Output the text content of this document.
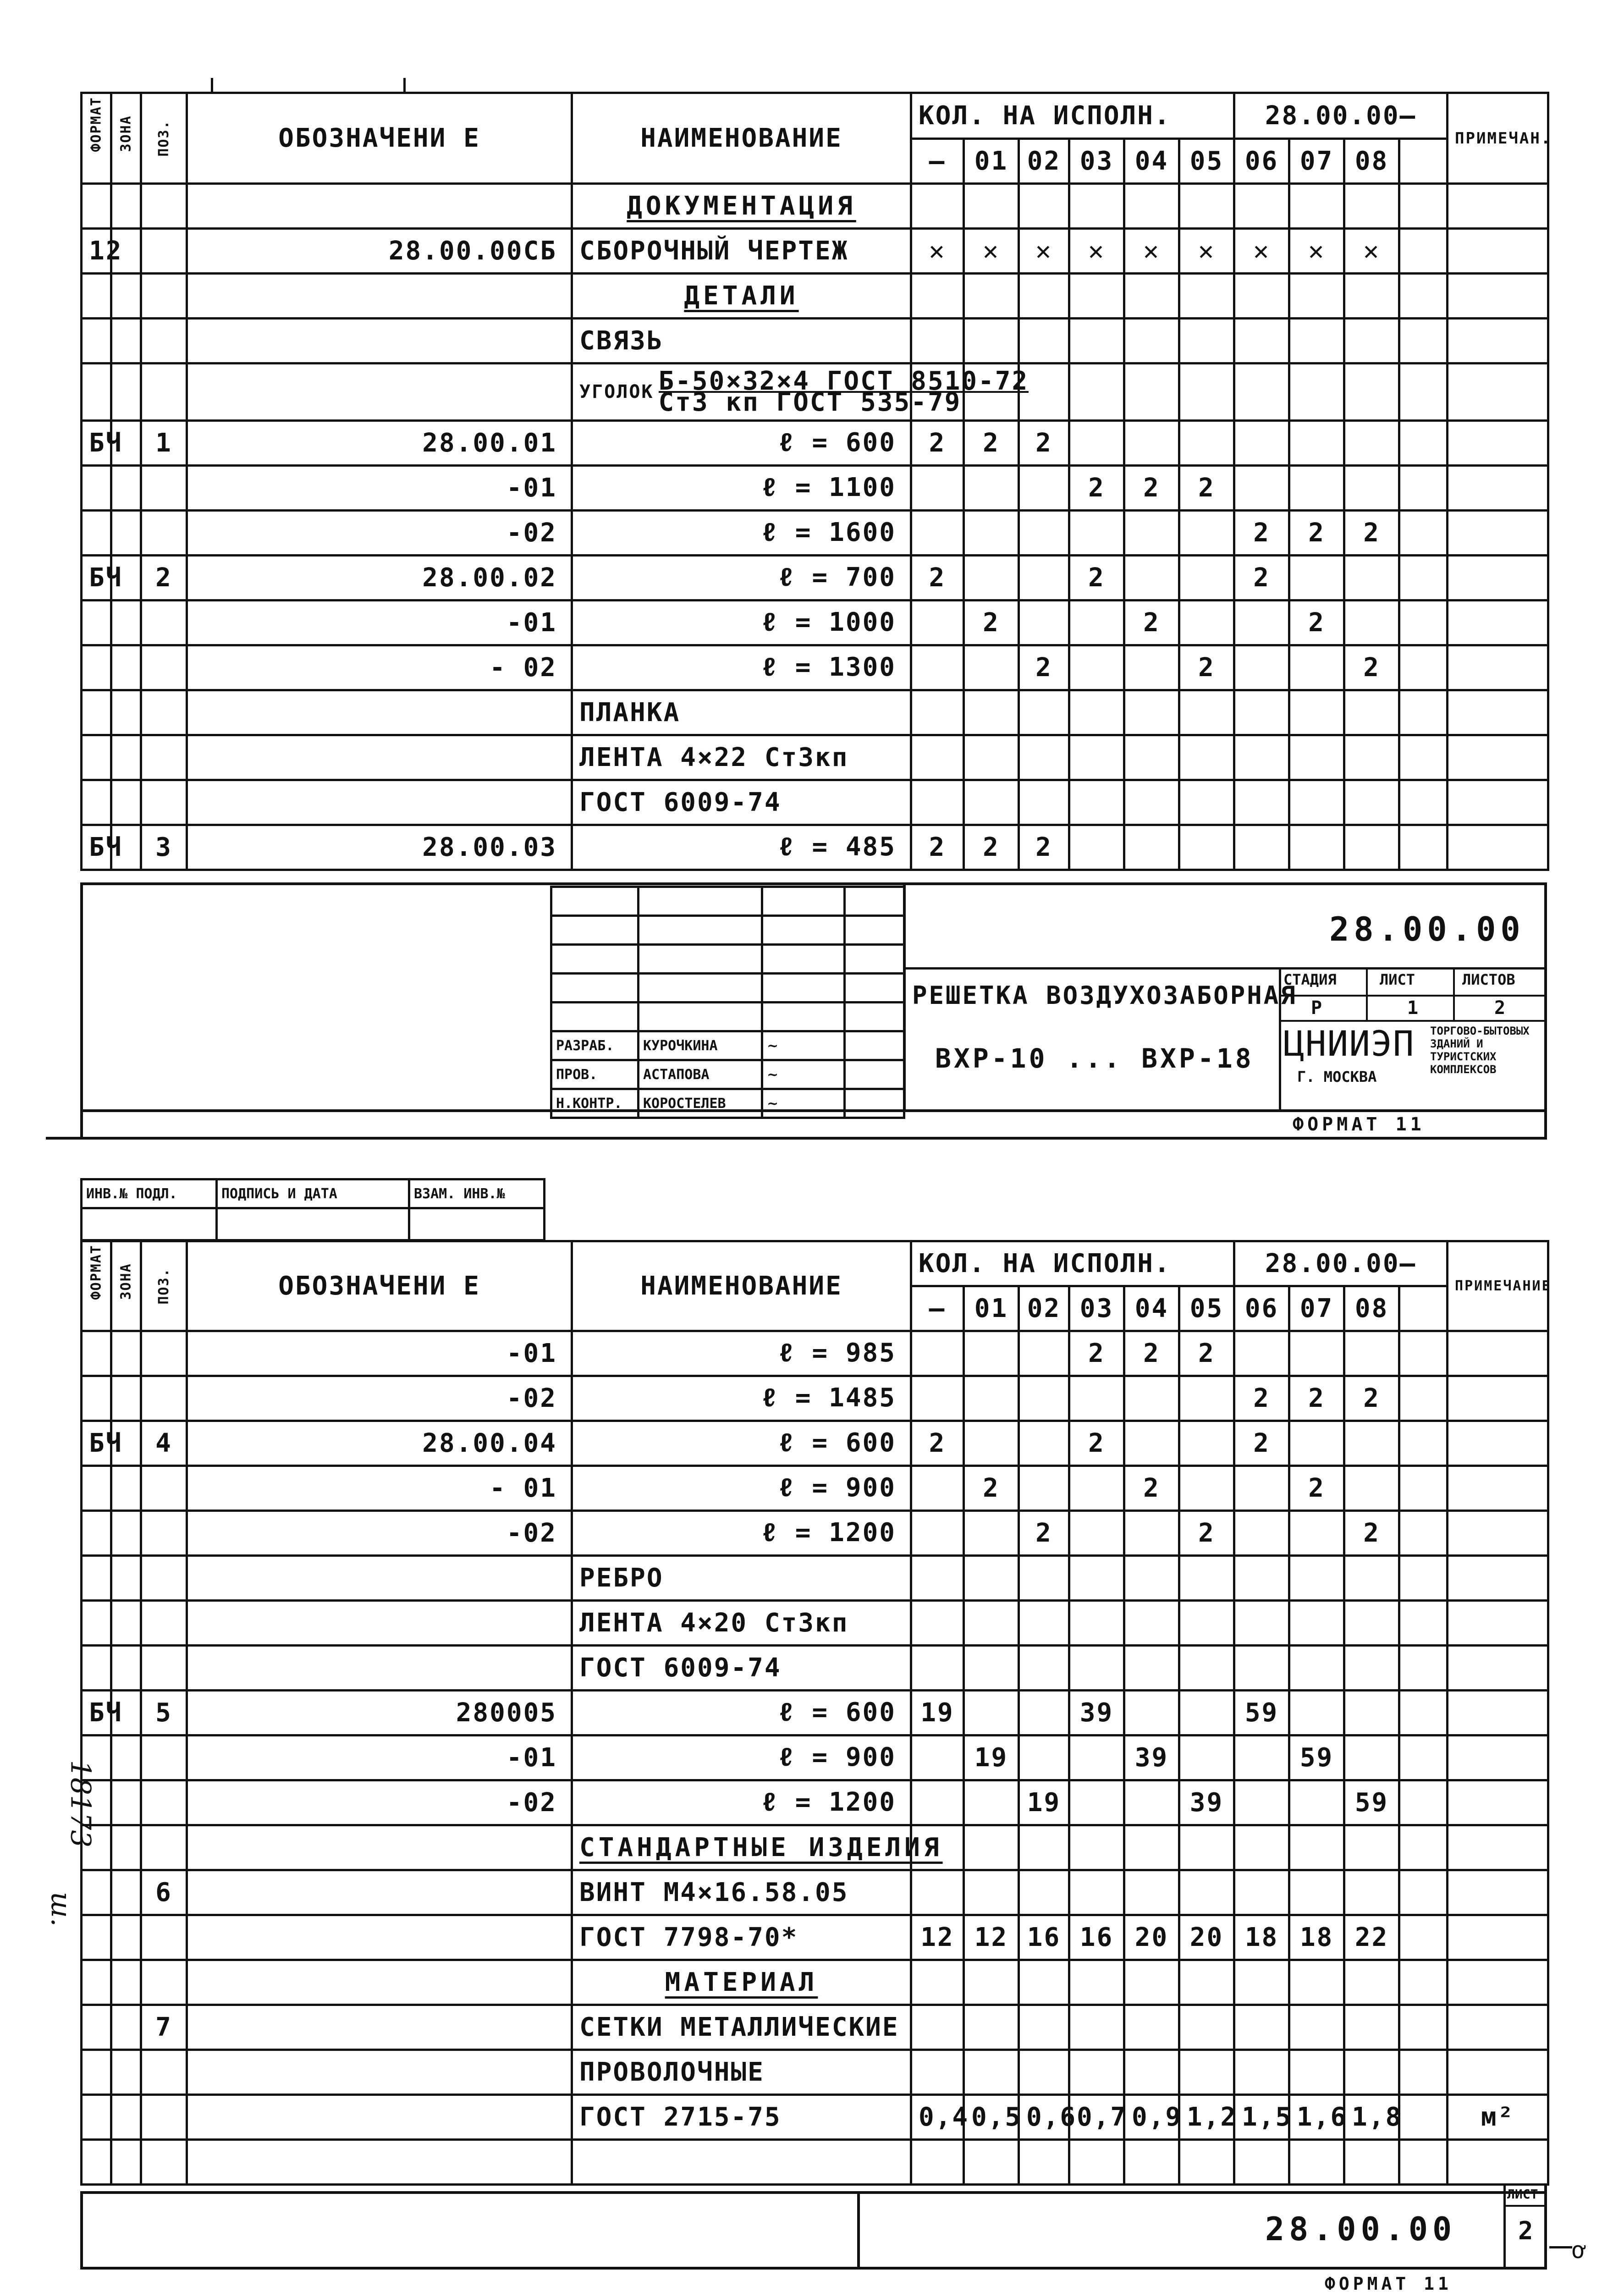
ФОРМАТ	ЗОНА	ПОЗ.	ОБОЗНАЧЕНИ Е	НАИМЕНОВАНИЕ	КОЛ. НА ИСПОЛН.						28.00.00—				ПРИМЕЧАН.
					—	01	02	03	04	05	06	07	08		
				ДОКУМЕНТАЦИЯ											
12			28.00.00СБ	СБОРОЧНЫЙ ЧЕРТЕЖ	✕	✕	✕	✕	✕	✕	✕	✕	✕		
				ДЕТАЛИ											
				СВЯЗЬ											
				УГОЛОК Б-50×32×4 ГОСТ 8510-72
Ст3 кп ГОСТ 535-79											

БЧ		1	28.00.01	ℓ = 600	2	2	2								
			-01	ℓ = 1100				2	2	2					
			-02	ℓ = 1600							2	2	2		
БЧ		2	28.00.02	ℓ = 700	2			2			2				
			-01	ℓ = 1000		2			2			2			
			- 02	ℓ = 1300			2			2			2		
				ПЛАНКА											
				ЛЕНТА 4×22 Ст3кп											
				ГОСТ 6009-74											
БЧ		3	28.00.03	ℓ = 485	2	2	2								

РАЗРАБ.	КУРОЧКИНА	~	
ПРОВ.	АСТАПОВА	~	
Н.КОНТР.	КОРОСТЕЛЕВ	~	
28.00.00
РЕШЕТКА ВОЗДУХОЗАБОРНАЯ
ВХР-10 ... ВХР-18
СТАДИЯ	ЛИСТ	ЛИСТОВ
Р	1	2
ЦНИИЭП
Г. МОСКВА
ТОРГОВО-БЫТОВЫХ ЗДАНИЙ И ТУРИСТСКИХ КОМПЛЕКСОВ
ФОРМАТ 11
ИНВ.№ ПОДЛ.	ПОДПИСЬ И ДАТА	ВЗАМ. ИНВ.№

ФОРМАТ	ЗОНА	ПОЗ.	ОБОЗНАЧЕНИ Е	НАИМЕНОВАНИЕ	КОЛ. НА ИСПОЛН.						28.00.00—				ПРИМЕЧАНИЕ
					—	01	02	03	04	05	06	07	08		
			-01	ℓ = 985				2	2	2					
			-02	ℓ = 1485							2	2	2		
БЧ		4	28.00.04	ℓ = 600	2			2			2				
			- 01	ℓ = 900		2			2			2			
			-02	ℓ = 1200			2			2			2		
				РЕБРО											
				ЛЕНТА 4×20 Ст3кп											
				ГОСТ 6009-74											
БЧ		5	280005	ℓ = 600	19			39			59				
			-01	ℓ = 900		19			39			59			
			-02	ℓ = 1200			19			39			59		
				СТАНДАРТНЫЕ ИЗДЕЛИЯ											
		6		ВИНТ М4×16.58.05											
				ГОСТ 7798-70*	12	12	16	16	20	20	18	18	22		
				МАТЕРИАЛ											
		7		СЕТКИ МЕТАЛЛИЧЕСКИЕ											
				ПРОВОЛОЧНЫЕ											
				ГОСТ 2715-75	0,4	0,5	0,6	0,7	0,9	1,2	1,5	1,6	1,8		м²

28.00.00
ЛИСТ
2
ФОРМАТ 11
ơ
18173
ш.
